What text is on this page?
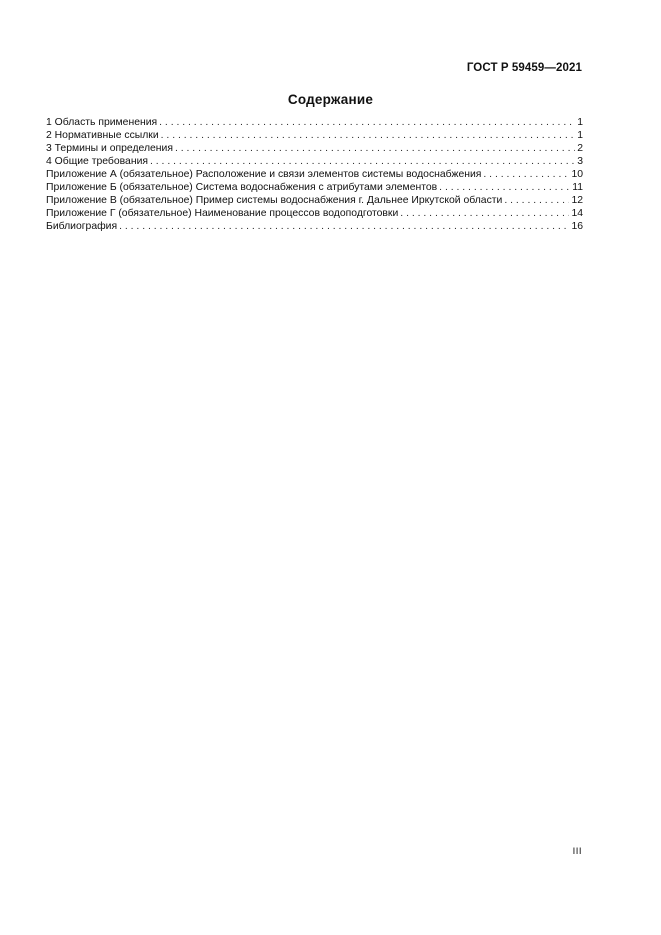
ГОСТ Р 59459—2021
Содержание
1 Область применения . . .	1
2 Нормативные ссылки . . .	1
3 Термины и определения . . .	2
4 Общие требования . . .	3
Приложение А (обязательное) Расположение и связи элементов системы водоснабжения . . .	10
Приложение Б (обязательное) Система водоснабжения с атрибутами элементов . . .	11
Приложение В (обязательное) Пример системы водоснабжения г. Дальнее Иркутской области . . .	12
Приложение Г (обязательное) Наименование процессов водоподготовки . . .	14
Библиография . . .	16
III
